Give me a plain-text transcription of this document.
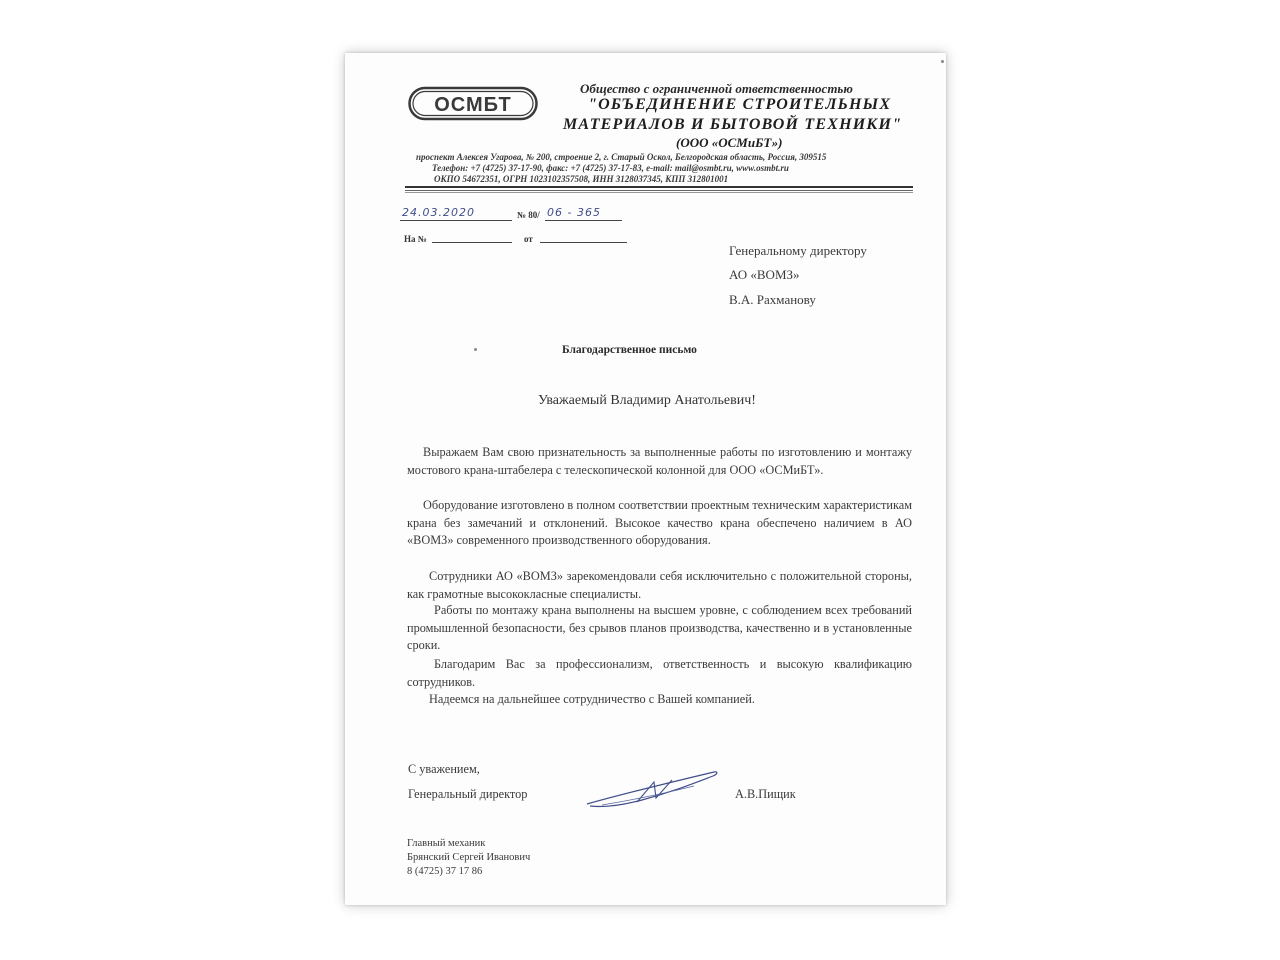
ОСМБТ
Общество с ограниченной ответственностью
"ОБЪЕДИНЕНИЕ СТРОИТЕЛЬНЫХ
МАТЕРИАЛОВ И БЫТОВОЙ ТЕХНИКИ"
(ООО «ОСМиБТ»)
проспект Алексея Угарова, № 200, строение 2, г. Старый Оскол, Белгородская область, Россия, 309515
Телефон: +7 (4725) 37-17-90, факс: +7 (4725) 37-17-83, e-mail: mail@osmbt.ru, www.osmbt.ru
ОКПО 54672351, ОГРН 1023102357508, ИНН 3128037345, КПП 312801001
24.03.2020	№ 80/ 06 - 365
На №	от
Генеральному директору
АО «ВОМЗ»
В.А. Рахманову
Благодарственное письмо
Уважаемый Владимир Анатольевич!
Выражаем Вам свою признательность за выполненные работы по изготовлению и монтажу мостового крана-штабелера с телескопической колонной для ООО «ОСМиБТ».
Оборудование изготовлено в полном соответствии проектным техническим характеристикам крана без замечаний и отклонений. Высокое качество крана обеспечено наличием в АО «ВОМЗ» современного производственного оборудования.
Сотрудники АО «ВОМЗ» зарекомендовали себя исключительно с положительной стороны, как грамотные высококласные специалисты.
Работы по монтажу крана выполнены на высшем уровне, с соблюдением всех требований промышленной безопасности, без срывов планов производства, качественно и в установленные сроки.
Благодарим Вас за профессионализм, ответственность и высокую квалификацию сотрудников.
Надеемся на дальнейшее сотрудничество с Вашей компанией.
С уважением,
Генеральный директор	А.В.Пищик
Главный механик
Брянский Сергей Иванович
8 (4725) 37 17 86
